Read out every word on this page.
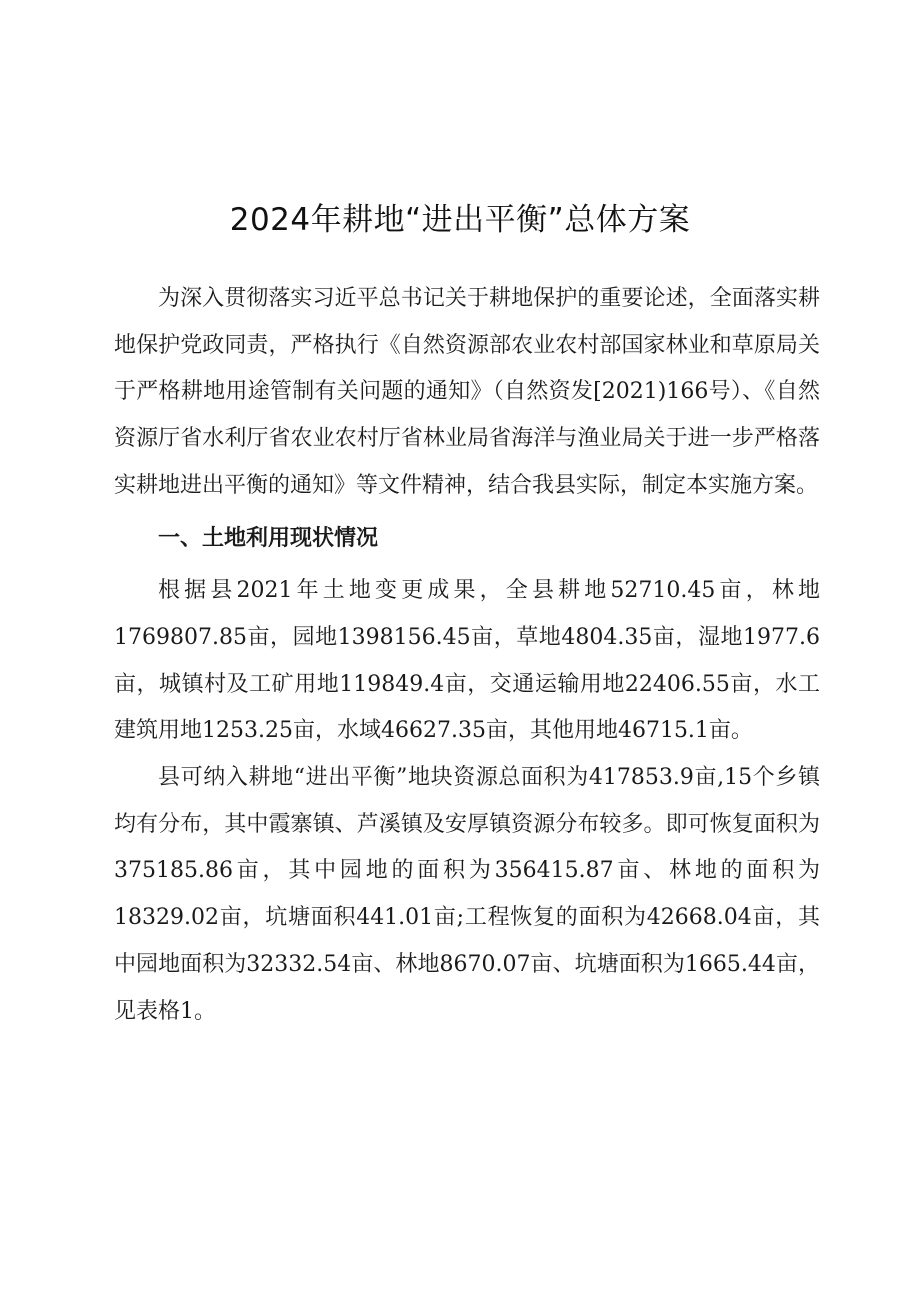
2024年耕地“进出平衡”总体方案

为深入贯彻落实习近平总书记关于耕地保护的重要论述，全面落实耕地保护党政同责，严格执行《自然资源部农业农村部国家林业和草原局关于严格耕地用途管制有关问题的通知》（自然资发[2021)166号）、《自然资源厅省水利厅省农业农村厅省林业局省海洋与渔业局关于进一步严格落实耕地进出平衡的通知》等文件精神，结合我县实际，制定本实施方案。

一、土地利用现状情况

根据县2021年土地变更成果，全县耕地52710.45亩，林地1769807.85亩，园地1398156.45亩，草地4804.35亩，湿地1977.6亩，城镇村及工矿用地119849.4亩，交通运输用地22406.55亩，水工建筑用地1253.25亩，水域46627.35亩，其他用地46715.1亩。

县可纳入耕地“进出平衡”地块资源总面积为417853.9亩,15个乡镇均有分布，其中霞寨镇、芦溪镇及安厚镇资源分布较多。即可恢复面积为375185.86亩，其中园地的面积为356415.87亩、林地的面积为18329.02亩，坑塘面积441.01亩;工程恢复的面积为42668.04亩，其中园地面积为32332.54亩、林地8670.07亩、坑塘面积为1665.44亩，见表格1。
